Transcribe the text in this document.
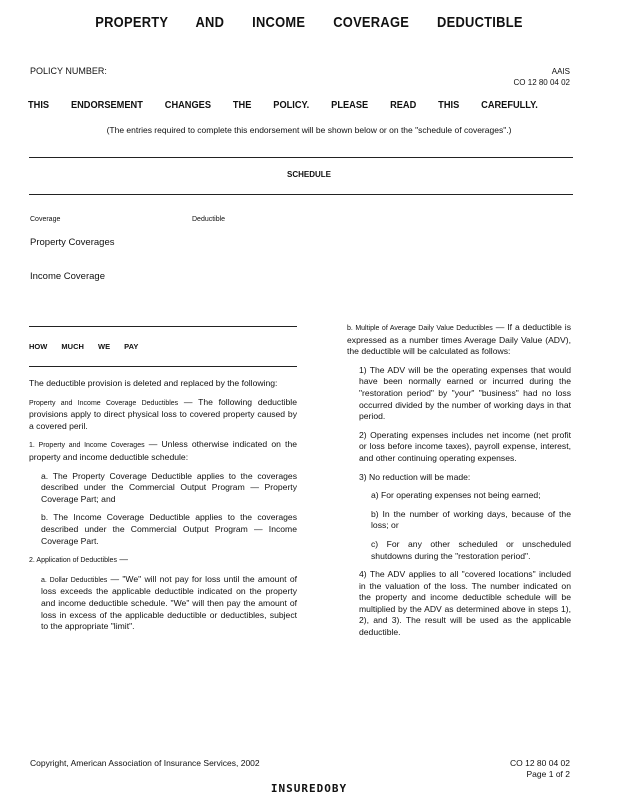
PROPERTY AND INCOME COVERAGE DEDUCTIBLE
POLICY NUMBER:	AAIS
CO 12 80 04 02
THIS ENDORSEMENT CHANGES THE POLICY. PLEASE READ THIS CAREFULLY.
(The entries required to complete this endorsement will be shown below or on the "schedule of coverages".)
SCHEDULE
Coverage	Deductible
Property Coverages
Income Coverage
HOW MUCH WE PAY

The deductible provision is deleted and replaced by the following:

Property and Income Coverage Deductibles — The following deductible provisions apply to direct physical loss to covered property caused by a covered peril.

1. Property and Income Coverages — Unless otherwise indicated on the property and income deductible schedule:

a. The Property Coverage Deductible applies to the coverages described under the Commercial Output Program — Property Coverage Part; and

b. The Income Coverage Deductible applies to the coverages described under the Commercial Output Program — Income Coverage Part.

2. Application of Deductibles —

a. Dollar Deductibles — "We" will not pay for loss until the amount of loss exceeds the applicable deductible indicated on the property and income deductible schedule. "We" will then pay the amount of loss in excess of the applicable deductible or deductibles, subject to the appropriate "limit".

b. Multiple of Average Daily Value Deductibles — If a deductible is expressed as a number times Average Daily Value (ADV), the deductible will be calculated as follows:

1) The ADV will be the operating expenses that would have been normally earned or incurred during the "restoration period" by "your" "business" had no loss occurred divided by the number of working days in that period.

2) Operating expenses includes net income (net profit or loss before income taxes), payroll expense, interest, and other continuing operating expenses.

3) No reduction will be made:

a) For operating expenses not being earned;

b) In the number of working days, because of the loss; or

c) For any other scheduled or unscheduled shutdowns during the "restoration period".

4) The ADV applies to all "covered locations" included in the valuation of the loss. The number indicated on the property and income deductible schedule will be multiplied by the ADV as determined above in steps 1), 2), and 3). The result will be used as the applicable deductible.

Copyright, American Association of Insurance Services, 2002	CO 12 80 04 02
Page 1 of 2
INSUREDOBY
